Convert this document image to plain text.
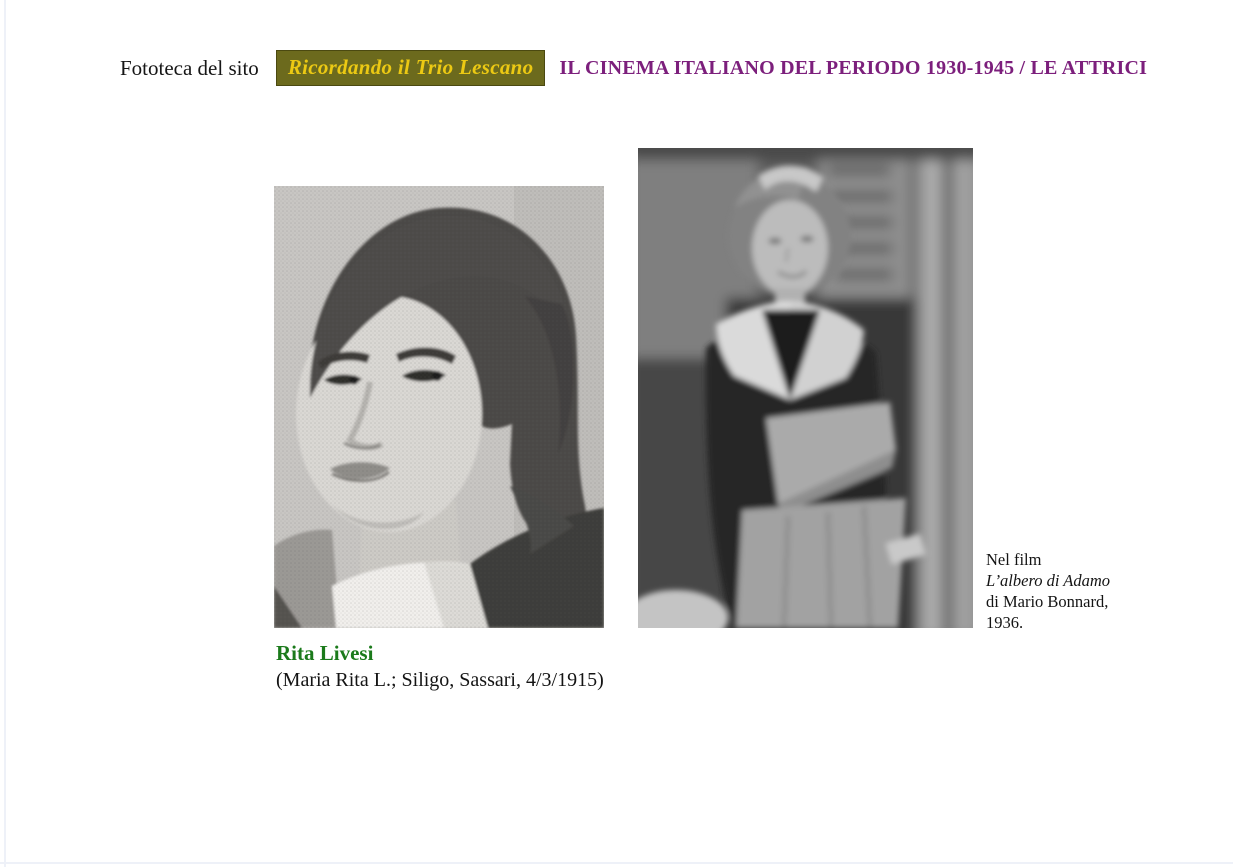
Fototeca del sito	Ricordando il Trio Lescano	IL CINEMA ITALIANO DEL PERIODO 1930-1945 / LE ATTRICI
Rita Livesi
(Maria Rita L.; Siligo, Sassari, 4/3/1915)
Nel film
L’albero di Adamo
di Mario Bonnard,
1936.
